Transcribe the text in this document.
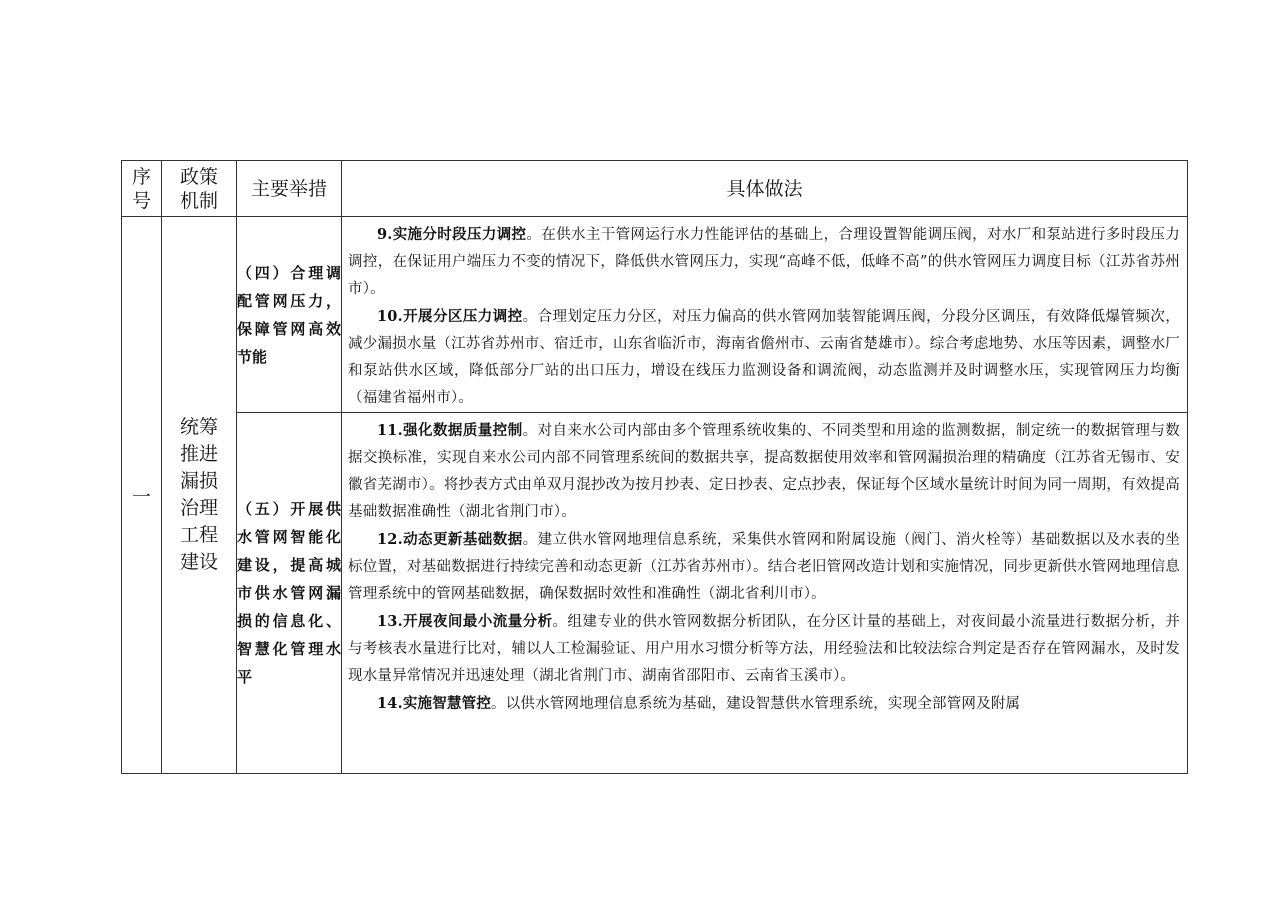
序号	政策机制	主要举措	具体做法
一	统筹推进漏损治理工程建设	（四）合理调配管网压力，保障管网高效节能	9.实施分时段压力调控。在供水主干管网运行水力性能评估的基础上，合理设置智能调压阀，对水厂和泵站进行多时段压力调控，在保证用户端压力不变的情况下，降低供水管网压力，实现“高峰不低，低峰不高”的供水管网压力调度目标（江苏省苏州市）。

10.开展分区压力调控。合理划定压力分区，对压力偏高的供水管网加装智能调压阀，分段分区调压，有效降低爆管频次，减少漏损水量（江苏省苏州市、宿迁市，山东省临沂市，海南省儋州市、云南省楚雄市）。综合考虑地势、水压等因素，调整水厂和泵站供水区域，降低部分厂站的出口压力，增设在线压力监测设备和调流阀，动态监测并及时调整水压，实现管网压力均衡（福建省福州市）。

		（五）开展供水管网智能化建设，提高城市供水管网漏损的信息化、智慧化管理水平	11.强化数据质量控制。对自来水公司内部由多个管理系统收集的、不同类型和用途的监测数据，制定统一的数据管理与数据交换标准，实现自来水公司内部不同管理系统间的数据共享，提高数据使用效率和管网漏损治理的精确度（江苏省无锡市、安徽省芜湖市）。将抄表方式由单双月混抄改为按月抄表、定日抄表、定点抄表，保证每个区域水量统计时间为同一周期，有效提高基础数据准确性（湖北省荆门市）。

12.动态更新基础数据。建立供水管网地理信息系统，采集供水管网和附属设施（阀门、消火栓等）基础数据以及水表的坐标位置，对基础数据进行持续完善和动态更新（江苏省苏州市）。结合老旧管网改造计划和实施情况，同步更新供水管网地理信息管理系统中的管网基础数据，确保数据时效性和准确性（湖北省利川市）。

13.开展夜间最小流量分析。组建专业的供水管网数据分析团队，在分区计量的基础上，对夜间最小流量进行数据分析，并与考核表水量进行比对，辅以人工检漏验证、用户用水习惯分析等方法，用经验法和比较法综合判定是否存在管网漏水，及时发现水量异常情况并迅速处理（湖北省荆门市、湖南省邵阳市、云南省玉溪市）。

14.实施智慧管控。以供水管网地理信息系统为基础，建设智慧供水管理系统，实现全部管网及附属
